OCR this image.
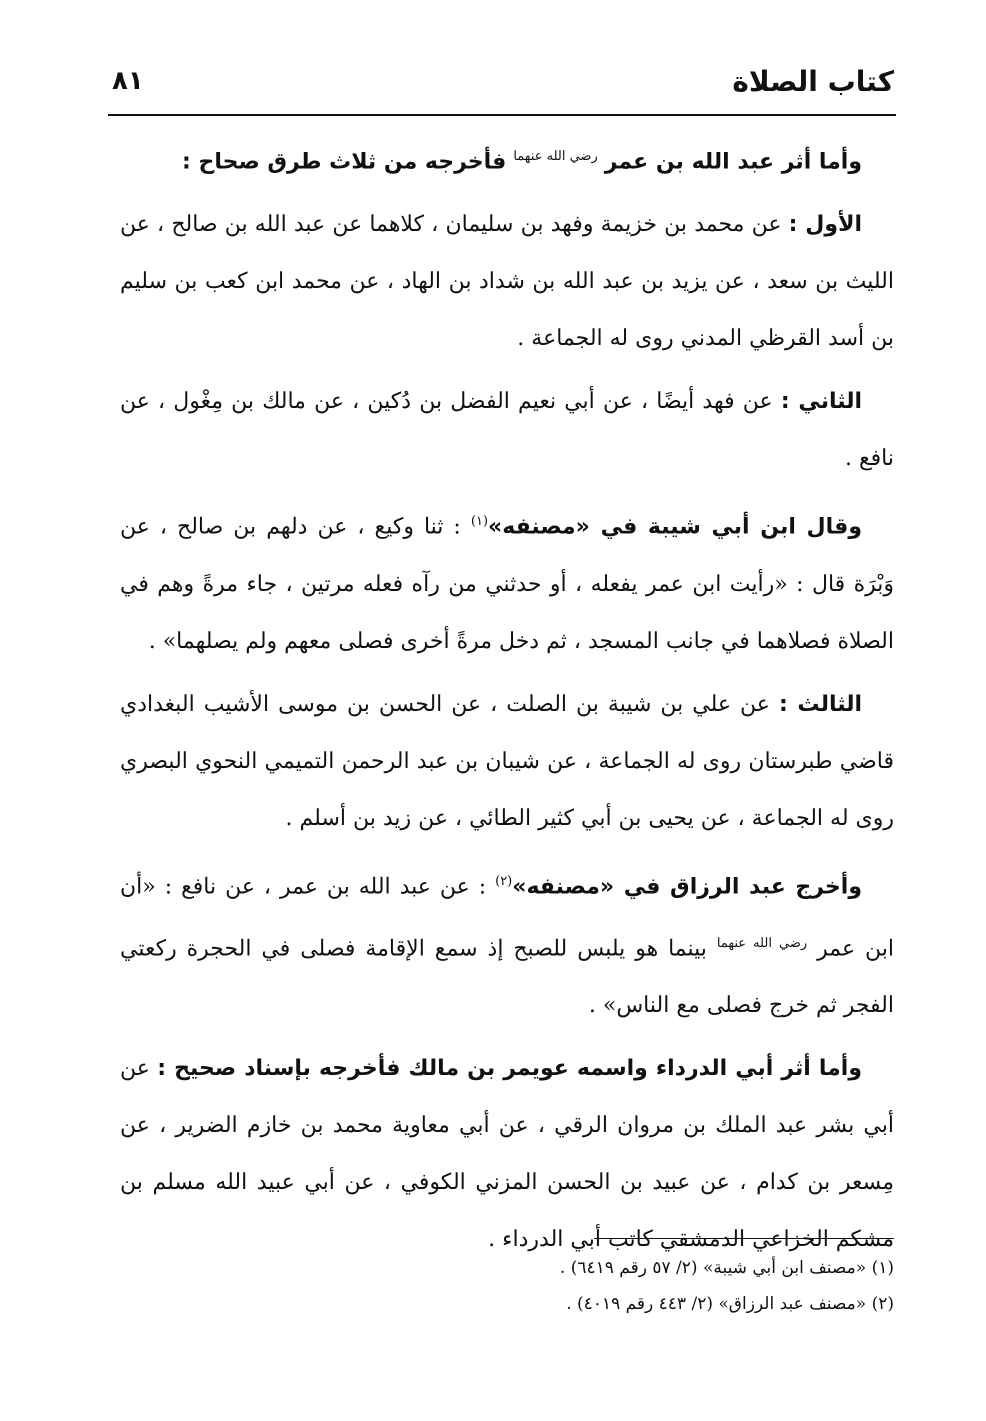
كتاب الصلاة
٨١

وأما أثر عبد الله بن عمر $^{رضي الله عنهما}$ فأخرجه من ثلاث طرق صحاح :

الأول : عن محمد بن خزيمة وفهد بن سليمان ، كلاهما عن عبد الله بن صالح ، عن الليث بن سعد ، عن يزيد بن عبد الله بن شداد بن الهاد ، عن محمد ابن كعب بن سليم بن أسد القرظي المدني روى له الجماعة .

الثاني : عن فهد أيضًا ، عن أبي نعيم الفضل بن دُكين ، عن مالك بن مِغْول ، عن نافع .

وقال ابن أبي شيبة في «مصنفه»$^{(١)}$ : ثنا وكيع ، عن دلهم بن صالح ، عن وَبْرَة قال : «رأيت ابن عمر يفعله ، أو حدثني من رآه فعله مرتين ، جاء مرةً وهم في الصلاة فصلاهما في جانب المسجد ، ثم دخل مرةً أخرى فصلى معهم ولم يصلهما» .

الثالث : عن علي بن شيبة بن الصلت ، عن الحسن بن موسى الأشيب البغدادي قاضي طبرستان روى له الجماعة ، عن شيبان بن عبد الرحمن التميمي النحوي البصري روى له الجماعة ، عن يحيى بن أبي كثير الطائي ، عن زيد بن أسلم .

وأخرج عبد الرزاق في «مصنفه»$^{(٢)}$ : عن عبد الله بن عمر ، عن نافع : «أن ابن عمر $^{رضي الله عنهما}$ بينما هو يلبس للصبح إذ سمع الإقامة فصلى في الحجرة ركعتي الفجر ثم خرج فصلى مع الناس» .

وأما أثر أبي الدرداء واسمه عويمر بن مالك فأخرجه بإسناد صحيح : عن أبي بشر عبد الملك بن مروان الرقي ، عن أبي معاوية محمد بن خازم الضرير ، عن مِسعر بن كدام ، عن عبيد بن الحسن المزني الكوفي ، عن أبي عبيد الله مسلم بن مشكم الخزاعي الدمشقي كاتب أبي الدرداء .

(١) «مصنف ابن أبي شيبة» (٢/ ٥٧ رقم ٦٤١٩) .
(٢) «مصنف عبد الرزاق» (٢/ ٤٤٣ رقم ٤٠١٩) .
